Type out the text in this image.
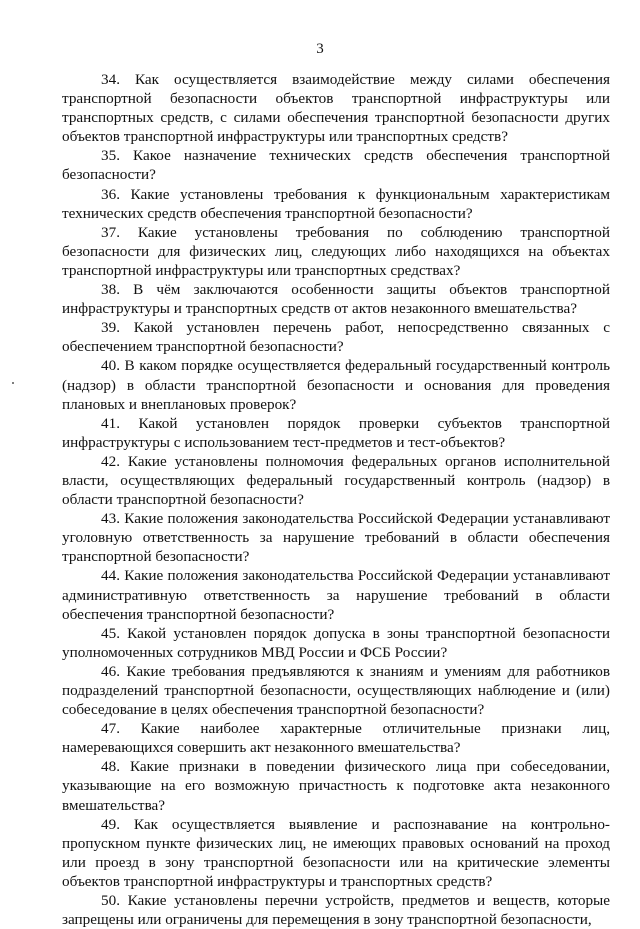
3

34. Как осуществляется взаимодействие между силами обеспечения транспортной безопасности объектов транспортной инфраструктуры или транспортных средств, с силами обеспечения транспортной безопасности других объектов транспортной инфраструктуры или транспортных средств?

35. Какое назначение технических средств обеспечения транспортной безопасности?

36. Какие установлены требования к функциональным характеристикам технических средств обеспечения транспортной безопасности?

37. Какие установлены требования по соблюдению транспортной безопасности для физических лиц, следующих либо находящихся на объектах транспортной инфраструктуры или транспортных средствах?

38. В чём заключаются особенности защиты объектов транспортной инфраструктуры и транспортных средств от актов незаконного вмешательства?

39. Какой установлен перечень работ, непосредственно связанных с обеспечением транспортной безопасности?

40. В каком порядке осуществляется федеральный государственный контроль (надзор) в области транспортной безопасности и основания для проведения плановых и внеплановых проверок?

41. Какой установлен порядок проверки субъектов транспортной инфраструктуры с использованием тест-предметов и тест-объектов?

42. Какие установлены полномочия федеральных органов исполнительной власти, осуществляющих федеральный государственный контроль (надзор) в области транспортной безопасности?

43. Какие положения законодательства Российской Федерации устанавливают уголовную ответственность за нарушение требований в области обеспечения транспортной безопасности?

44. Какие положения законодательства Российской Федерации устанавливают административную ответственность за нарушение требований в области обеспечения транспортной безопасности?

45. Какой установлен порядок допуска в зоны транспортной безопасности уполномоченных сотрудников МВД России и ФСБ России?

46. Какие требования предъявляются к знаниям и умениям для работников подразделений транспортной безопасности, осуществляющих наблюдение и (или) собеседование в целях обеспечения транспортной безопасности?

47. Какие наиболее характерные отличительные признаки лиц, намеревающихся совершить акт незаконного вмешательства?

48. Какие признаки в поведении физического лица при собеседовании, указывающие на его возможную причастность к подготовке акта незаконного вмешательства?

49. Как осуществляется выявление и распознавание на контрольно-пропускном пункте физических лиц, не имеющих правовых оснований на проход или проезд в зону транспортной безопасности или на критические элементы объектов транспортной инфраструктуры и транспортных средств?

50. Какие установлены перечни устройств, предметов и веществ, которые запрещены или ограничены для перемещения в зону транспортной безопасности,
